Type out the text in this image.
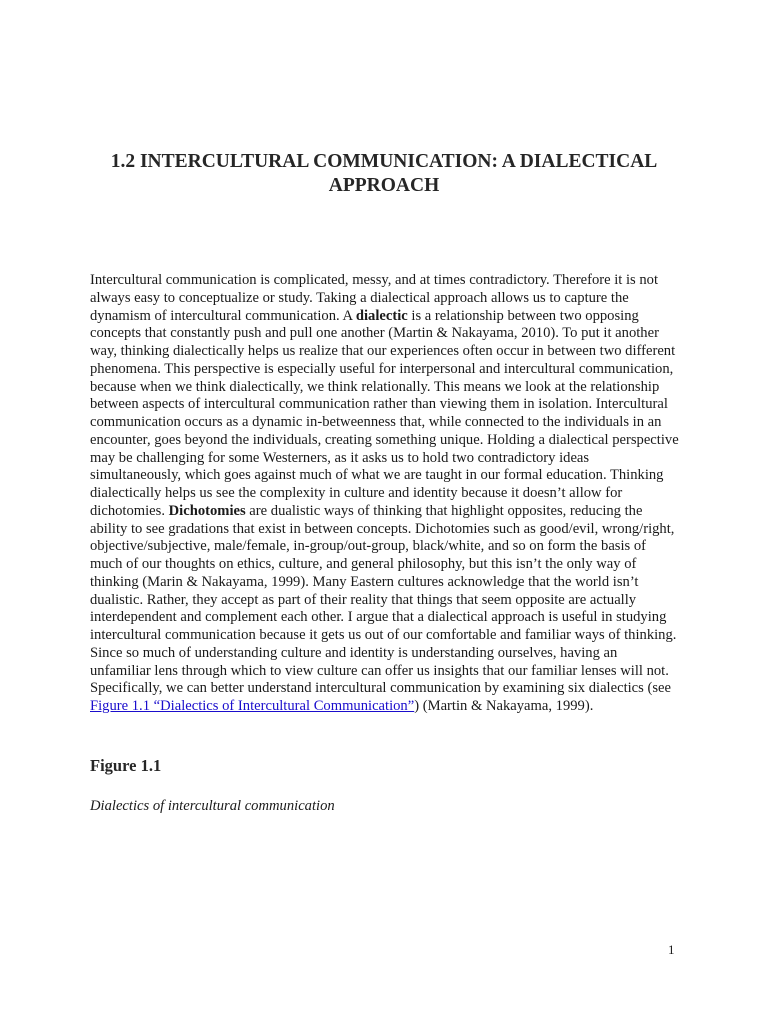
1.2 INTERCULTURAL COMMUNICATION: A DIALECTICAL APPROACH

Intercultural communication is complicated, messy, and at times contradictory. Therefore it is not always easy to conceptualize or study. Taking a dialectical approach allows us to capture the dynamism of intercultural communication. A dialectic is a relationship between two opposing concepts that constantly push and pull one another (Martin & Nakayama, 2010). To put it another way, thinking dialectically helps us realize that our experiences often occur in between two different phenomena. This perspective is especially useful for interpersonal and intercultural communication, because when we think dialectically, we think relationally. This means we look at the relationship between aspects of intercultural communication rather than viewing them in isolation. Intercultural communication occurs as a dynamic in-betweenness that, while connected to the individuals in an encounter, goes beyond the individuals, creating something unique. Holding a dialectical perspective may be challenging for some Westerners, as it asks us to hold two contradictory ideas simultaneously, which goes against much of what we are taught in our formal education. Thinking dialectically helps us see the complexity in culture and identity because it doesn’t allow for dichotomies. Dichotomies are dualistic ways of thinking that highlight opposites, reducing the ability to see gradations that exist in between concepts. Dichotomies such as good/evil, wrong/right, objective/subjective, male/female, in-group/out-group, black/white, and so on form the basis of much of our thoughts on ethics, culture, and general philosophy, but this isn’t the only way of thinking (Marin & Nakayama, 1999). Many Eastern cultures acknowledge that the world isn’t dualistic. Rather, they accept as part of their reality that things that seem opposite are actually interdependent and complement each other. I argue that a dialectical approach is useful in studying intercultural communication because it gets us out of our comfortable and familiar ways of thinking. Since so much of understanding culture and identity is understanding ourselves, having an unfamiliar lens through which to view culture can offer us insights that our familiar lenses will not. Specifically, we can better understand intercultural communication by examining six dialectics (see Figure 1.1 “Dialectics of Intercultural Communication”) (Martin & Nakayama, 1999).

Figure 1.1

Dialectics of intercultural communication

1
